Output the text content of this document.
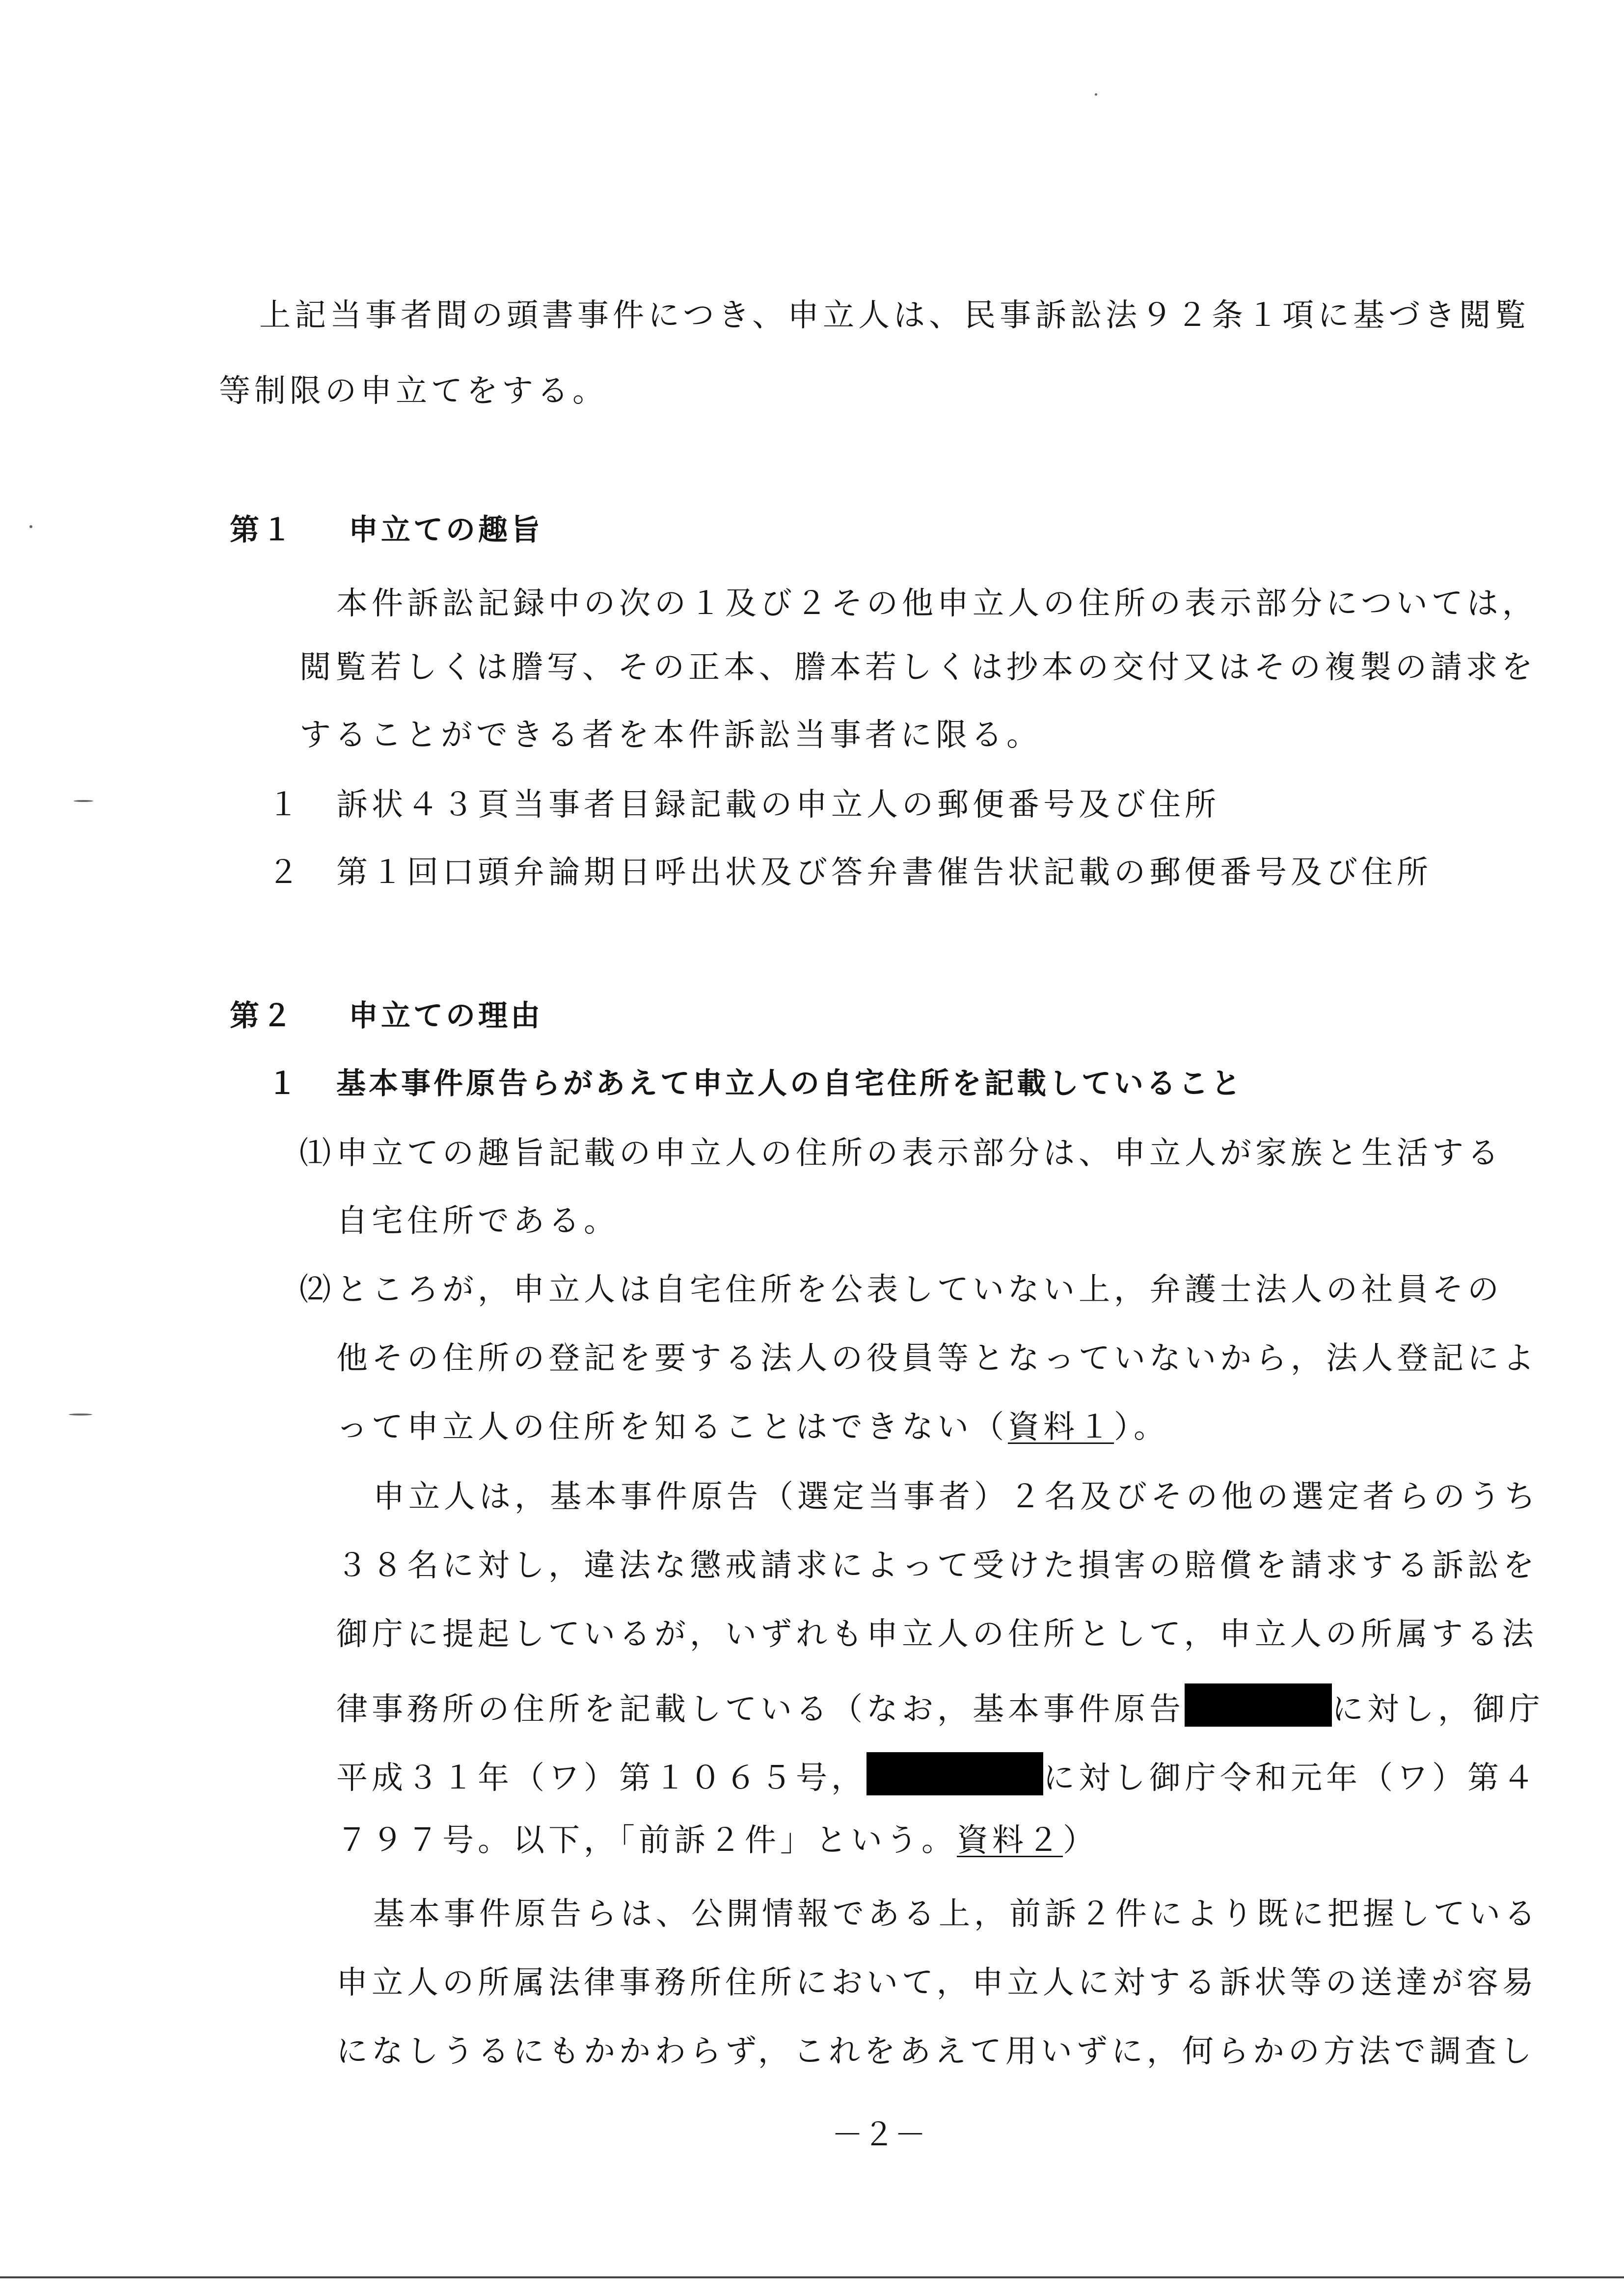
上記当事者間の頭書事件につき、申立人は、民事訴訟法９２条１項に基づき閲覧
等制限の申立てをする。
第１ 申立ての趣旨
本件訴訟記録中の次の１及び２その他申立人の住所の表示部分については，
閲覧若しくは謄写、その正本、謄本若しくは抄本の交付又はその複製の請求を
することができる者を本件訴訟当事者に限る。
１ 訴状４３頁当事者目録記載の申立人の郵便番号及び住所
２ 第１回口頭弁論期日呼出状及び答弁書催告状記載の郵便番号及び住所
第２ 申立ての理由
１ 基本事件原告らがあえて申立人の自宅住所を記載していること
⑴申立ての趣旨記載の申立人の住所の表示部分は、申立人が家族と生活する
自宅住所である。
⑵ところが，申立人は自宅住所を公表していない上，弁護士法人の社員その
他その住所の登記を要する法人の役員等となっていないから，法人登記によ
って申立人の住所を知ることはできない（資料１）。
申立人は，基本事件原告（選定当事者）２名及びその他の選定者らのうち
３８名に対し，違法な懲戒請求によって受けた損害の賠償を請求する訴訟を
御庁に提起しているが，いずれも申立人の住所として，申立人の所属する法
律事務所の住所を記載している（なお，基本事件原告	に対し，御庁
平成３１年（ワ）第１０６５号，	に対し御庁令和元年（ワ）第４
７９７号。以下，「前訴２件」という。資料２）
基本事件原告らは、公開情報である上，前訴２件により既に把握している
申立人の所属法律事務所住所において，申立人に対する訴状等の送達が容易
になしうるにもかかわらず，これをあえて用いずに，何らかの方法で調査し
－２－
